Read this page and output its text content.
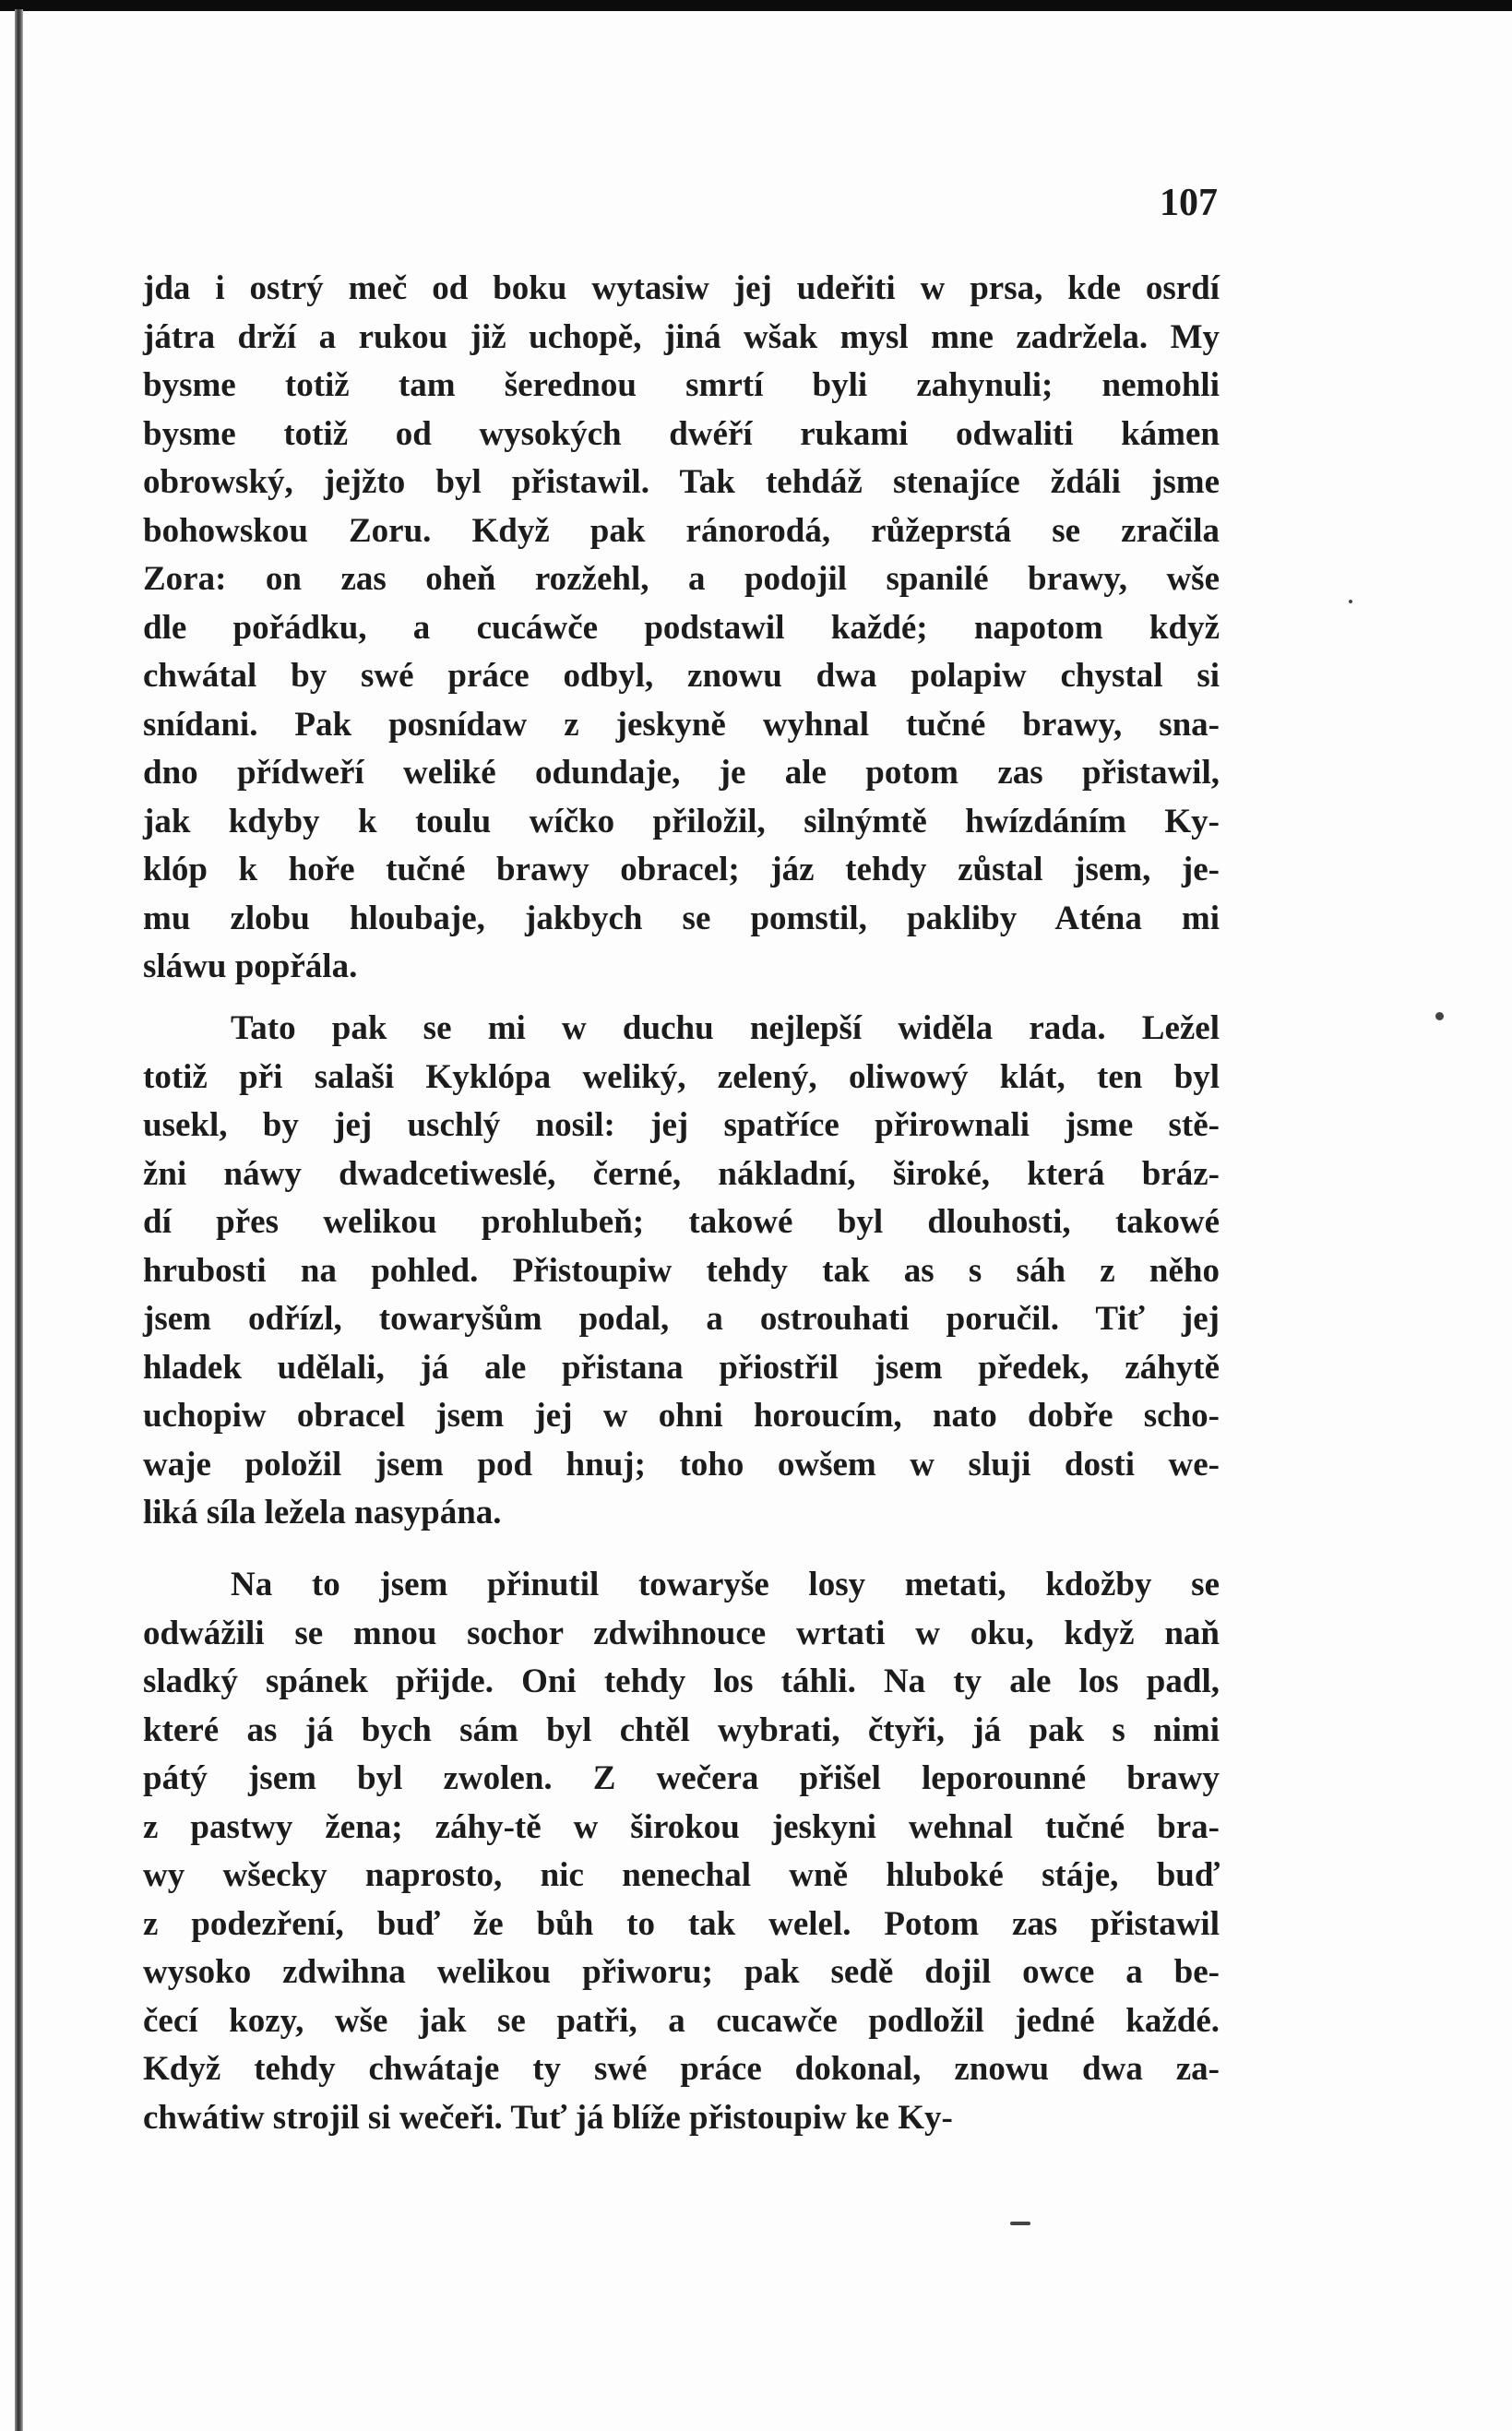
107
jda i ostrý meč od boku wytasiw jej udeřiti w prsa, kde osrdí
játra drží a rukou již uchopě, jiná wšak mysl mne zadržela. My
bysme totiž tam šerednou smrtí byli zahynuli; nemohli
bysme totiž od wysokých dwéří rukami odwaliti kámen
obrowský, jejžto byl přistawil. Tak tehdáž stenajíce ždáli jsme
bohowskou Zoru. Když pak ránorodá, růžeprstá se zračila
Zora: on zas oheň rozžehl, a podojil spanilé brawy, wše
dle pořádku, a cucáwče podstawil každé; napotom když
chwátal by swé práce odbyl, znowu dwa polapiw chystal si
snídani. Pak posnídaw z jeskyně wyhnal tučné brawy, sna-
dno přídweří weliké odundaje, je ale potom zas přistawil,
jak kdyby k toulu wíčko přiložil, silnýmtě hwízdáním Ky-
klóp k hoře tučné brawy obracel; jáz tehdy zůstal jsem, je-
mu zlobu hloubaje, jakbych se pomstil, pakliby Aténa mi
sláwu popřála.
Tato pak se mi w duchu nejlepší widěla rada. Ležel
totiž při salaši Kyklópa weliký, zelený, oliwowý klát, ten byl
usekl, by jej uschlý nosil: jej spatříce přirownali jsme stě-
žni náwy dwadcetiweslé, černé, nákladní, široké, která bráz-
dí přes welikou prohlubeň; takowé byl dlouhosti, takowé
hrubosti na pohled. Přistoupiw tehdy tak as s sáh z něho
jsem odřízl, towaryšům podal, a ostrouhati poručil. Tiť jej
hladek udělali, já ale přistana přiostřil jsem předek, záhytě
uchopiw obracel jsem jej w ohni horoucím, nato dobře scho-
waje položil jsem pod hnuj; toho owšem w sluji dosti we-
liká síla ležela nasypána.
Na to jsem přinutil towaryše losy metati, kdožby se
odwážili se mnou sochor zdwihnouce wrtati w oku, když naň
sladký spánek přijde. Oni tehdy los táhli. Na ty ale los padl,
které as já bych sám byl chtěl wybrati, čtyři, já pak s nimi
pátý jsem byl zwolen. Z wečera přišel leporounné brawy
z pastwy žena; záhy-tě w širokou jeskyni wehnal tučné bra-
wy wšecky naprosto, nic nenechal wně hluboké stáje, buď
z podezření, buď že bůh to tak welel. Potom zas přistawil
wysoko zdwihna welikou přiworu; pak sedě dojil owce a be-
čecí kozy, wše jak se patři, a cucawče podložil jedné každé.
Když tehdy chwátaje ty swé práce dokonal, znowu dwa za-
chwátiw strojil si wečeři. Tuť já blíže přistoupiw ke Ky-
